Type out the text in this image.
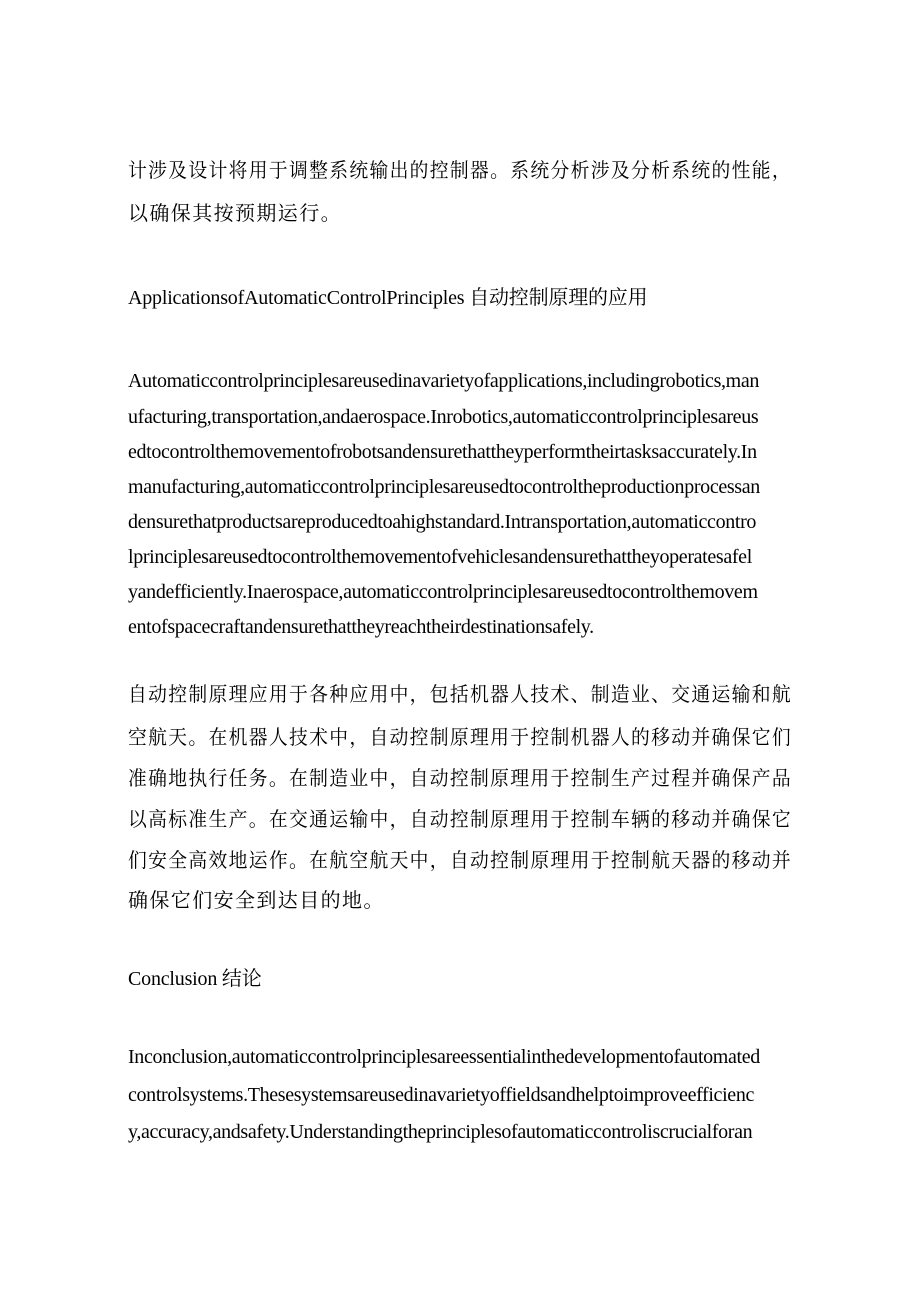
计涉及设计将用于调整系统输出的控制器。系统分析涉及分析系统的性能，
以确保其按预期运行。
ApplicationsofAutomaticControlPrinciples 自动控制原理的应用
Automaticcontrolprinciplesareusedinavarietyofapplications,includingrobotics,man
ufacturing,transportation,andaerospace.Inrobotics,automaticcontrolprinciplesareus
edtocontrolthemovementofrobotsandensurethattheyperformtheirtasksaccurately.In
manufacturing,automaticcontrolprinciplesareusedtocontroltheproductionprocessan
densurethatproductsareproducedtoahighstandard.Intransportation,automaticcontro
lprinciplesareusedtocontrolthemovementofvehiclesandensurethattheyoperatesafel
yandefficiently.Inaerospace,automaticcontrolprinciplesareusedtocontrolthemovem
entofspacecraftandensurethattheyreachtheirdestinationsafely.
自动控制原理应用于各种应用中，包括机器人技术、制造业、交通运输和航
空航天。在机器人技术中，自动控制原理用于控制机器人的移动并确保它们
准确地执行任务。在制造业中，自动控制原理用于控制生产过程并确保产品
以高标准生产。在交通运输中，自动控制原理用于控制车辆的移动并确保它
们安全高效地运作。在航空航天中，自动控制原理用于控制航天器的移动并
确保它们安全到达目的地。
Conclusion 结论
Inconclusion,automaticcontrolprinciplesareessentialinthedevelopmentofautomated
controlsystems.Thesesystemsareusedinavarietyoffieldsandhelptoimproveefficienc
y,accuracy,andsafety.Understandingtheprinciplesofautomaticcontroliscrucialforan
